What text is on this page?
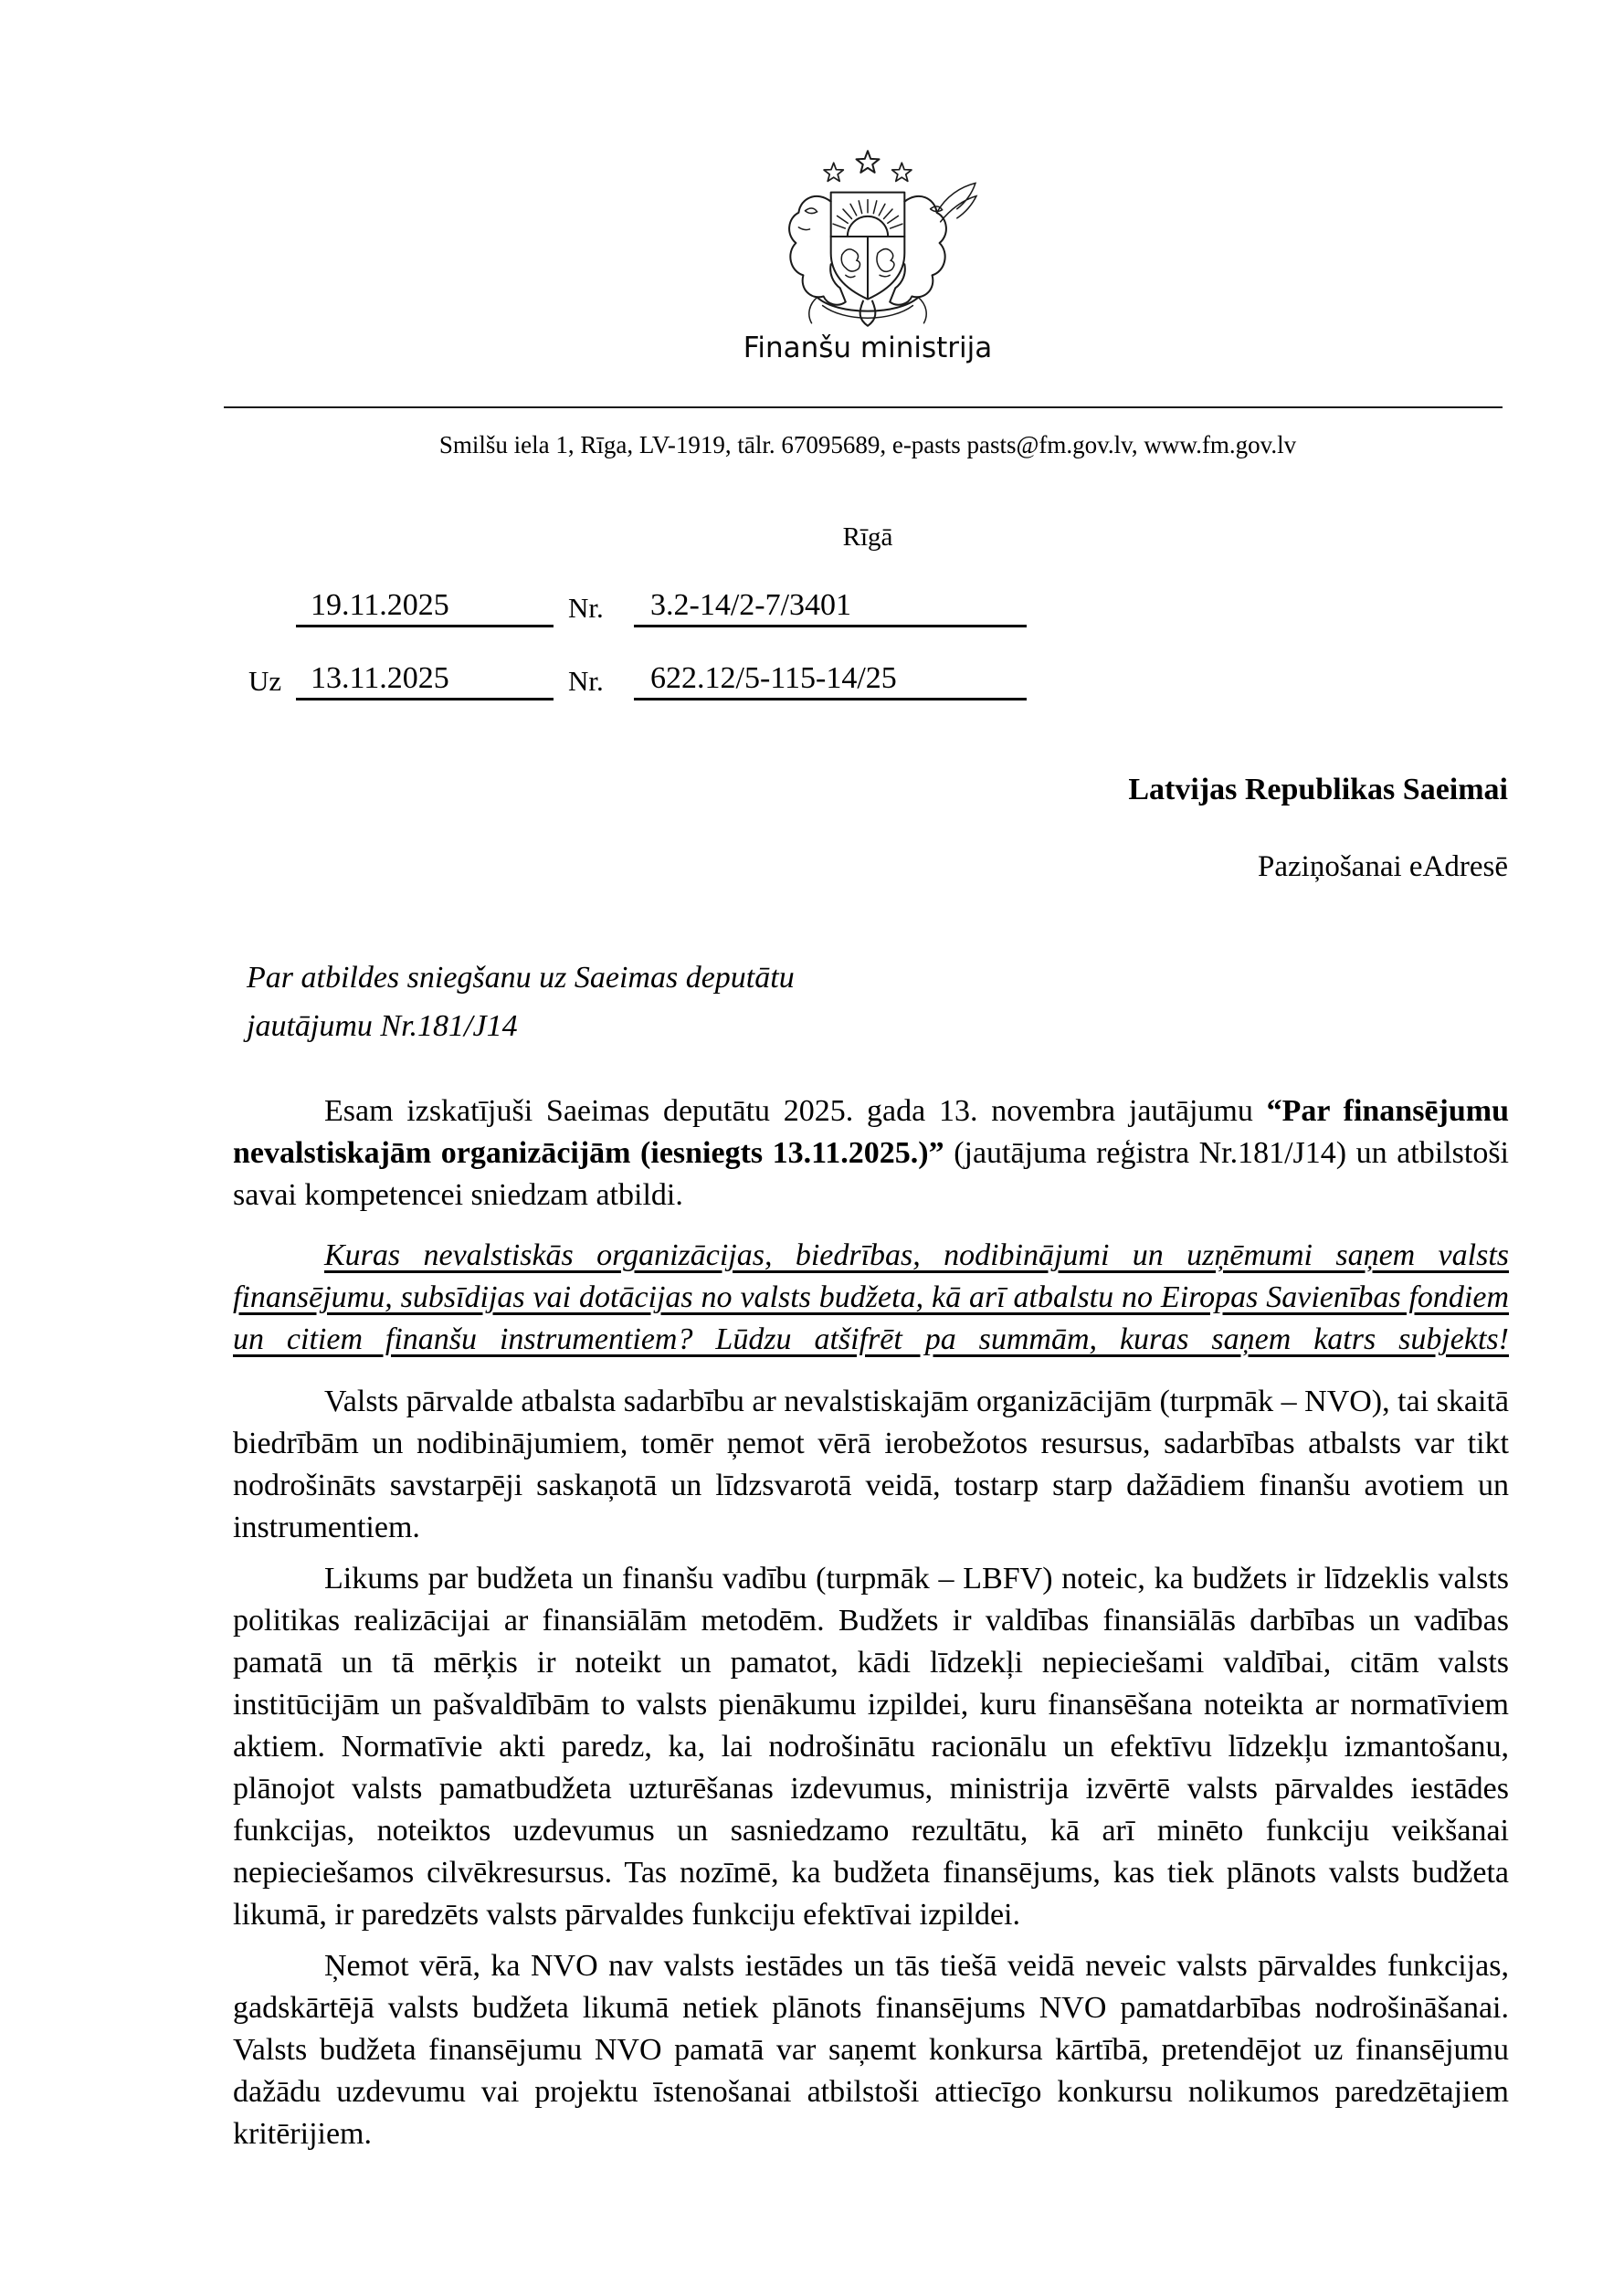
Finanšu ministrija
Smilšu iela 1, Rīga, LV-1919, tālr. 67095689, e-pasts pasts@fm.gov.lv, www.fm.gov.lv
Rīgā
19.11.2025	Nr.	3.2-14/2-7/3401
Uz 13.11.2025	Nr.	622.12/5-115-14/25
Latvijas Republikas Saeimai
Paziņošanai eAdresē
Par atbildes sniegšanu uz Saeimas deputātu
jautājumu Nr.181/J14

Esam izskatījuši Saeimas deputātu 2025. gada 13. novembra jautājumu “Par finansējumu nevalstiskajām organizācijām (iesniegts 13.11.2025.)” (jautājuma reģistra Nr.181/J14) un atbilstoši savai kompetencei sniedzam atbildi.

Kuras nevalstiskās organizācijas, biedrības, nodibinājumi un uzņēmumi saņem valsts finansējumu, subsīdijas vai dotācijas no valsts budžeta, kā arī atbalstu no Eiropas Savienības fondiem un citiem finanšu instrumentiem? Lūdzu atšifrēt pa summām, kuras saņem katrs subjekts!

Valsts pārvalde atbalsta sadarbību ar nevalstiskajām organizācijām (turpmāk – NVO), tai skaitā biedrībām un nodibinājumiem, tomēr ņemot vērā ierobežotos resursus, sadarbības atbalsts var tikt nodrošināts savstarpēji saskaņotā un līdzsvarotā veidā, tostarp starp dažādiem finanšu avotiem un instrumentiem.

Likums par budžeta un finanšu vadību (turpmāk – LBFV) noteic, ka budžets ir līdzeklis valsts politikas realizācijai ar finansiālām metodēm. Budžets ir valdības finansiālās darbības un vadības pamatā un tā mērķis ir noteikt un pamatot, kādi līdzekļi nepieciešami valdībai, citām valsts institūcijām un pašvaldībām to valsts pienākumu izpildei, kuru finansēšana noteikta ar normatīviem aktiem. Normatīvie akti paredz, ka, lai nodrošinātu racionālu un efektīvu līdzekļu izmantošanu, plānojot valsts pamatbudžeta uzturēšanas izdevumus, ministrija izvērtē valsts pārvaldes iestādes funkcijas, noteiktos uzdevumus un sasniedzamo rezultātu, kā arī minēto funkciju veikšanai nepieciešamos cilvēkresursus. Tas nozīmē, ka budžeta finansējums, kas tiek plānots valsts budžeta likumā, ir paredzēts valsts pārvaldes funkciju efektīvai izpildei.

Ņemot vērā, ka NVO nav valsts iestādes un tās tiešā veidā neveic valsts pārvaldes funkcijas, gadskārtējā valsts budžeta likumā netiek plānots finansējums NVO pamatdarbības nodrošināšanai. Valsts budžeta finansējumu NVO pamatā var saņemt konkursa kārtībā, pretendējot uz finansējumu dažādu uzdevumu vai projektu īstenošanai atbilstoši attiecīgo konkursu nolikumos paredzētajiem kritērijiem.
